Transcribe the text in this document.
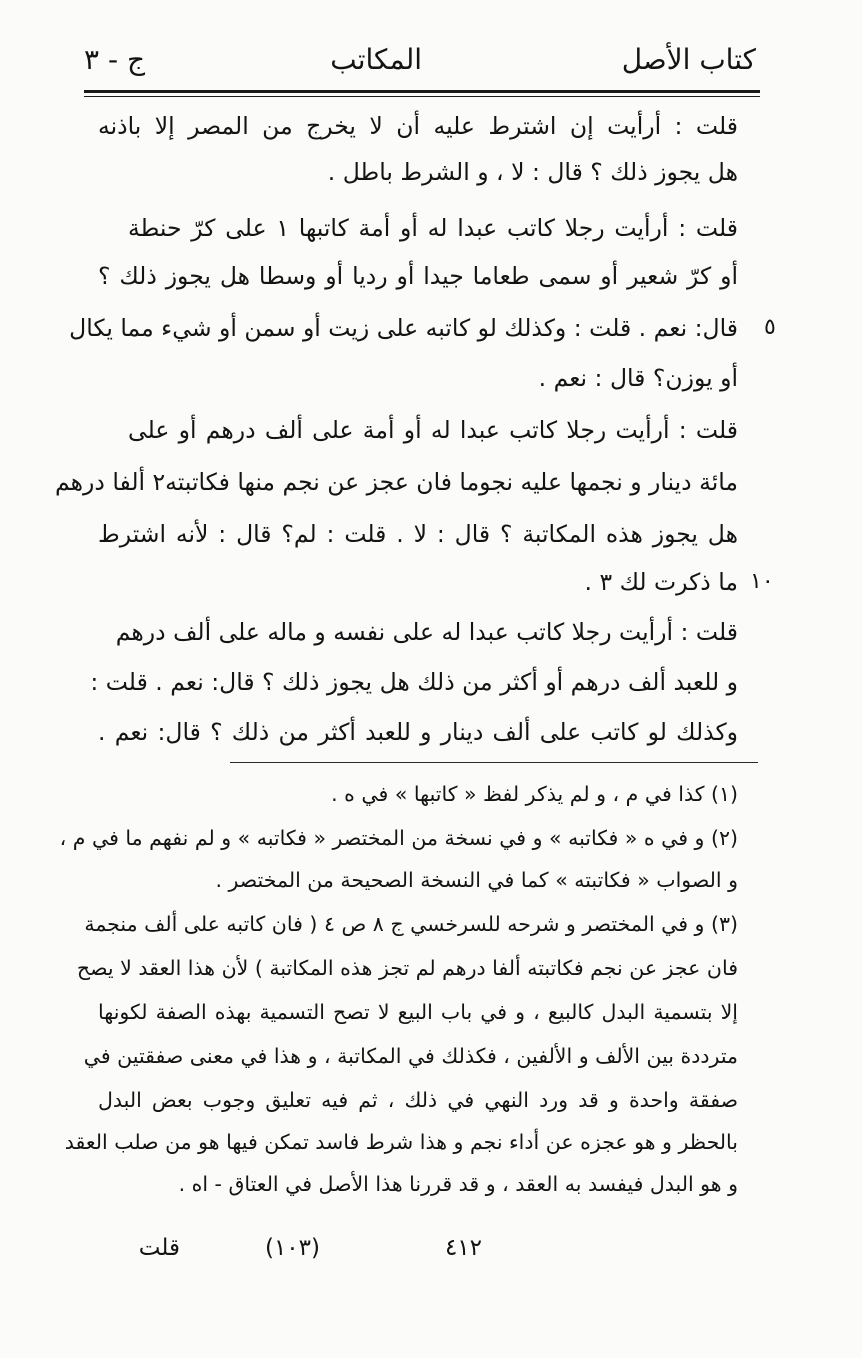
كتاب الأصل
المكاتب
ج - ٣
قلت : أرأيت إن اشترط عليه أن لا يخرج من المصر إلا باذنه
هل يجوز ذلك ؟ قال : لا ، و الشرط باطل .
قلت : أرأيت رجلا كاتب عبدا له أو أمة كاتبها ١ على كرّ حنطة
أو كرّ شعير أو سمى طعاما جيدا أو رديا أو وسطا هل يجوز ذلك ؟
قال: نعم . قلت : وكذلك لو كاتبه على زيت أو سمن أو شيء مما يكال
أو يوزن؟ قال : نعم .
قلت : أرأيت رجلا كاتب عبدا له أو أمة على ألف درهم أو على
مائة دينار و نجمها عليه نجوما فان عجز عن نجم منها فكاتبته٢ ألفا درهم
هل يجوز هذه المكاتبة ؟ قال : لا . قلت : لم؟ قال : لأنه اشترط
ما ذكرت لك ٣ .
قلت : أرأيت رجلا كاتب عبدا له على نفسه و ماله على ألف درهم
و للعبد ألف درهم أو أكثر من ذلك هل يجوز ذلك ؟ قال: نعم . قلت :
وكذلك لو كاتب على ألف دينار و للعبد أكثر من ذلك ؟ قال: نعم .
٥
١٠
(١) كذا في م ، و لم يذكر لفظ « كاتبها » في ه .
(٢) و في ه « فكاتبه » و في نسخة من المختصر « فكاتبه » و لم نفهم ما في م ،
و الصواب « فكاتبته » كما في النسخة الصحيحة من المختصر .
(٣) و في المختصر و شرحه للسرخسي ج ٨ ص ٤ ( فان كاتبه على ألف منجمة
فان عجز عن نجم فكاتبته ألفا درهم لم تجز هذه المكاتبة ) لأن هذا العقد لا يصح
إلا بتسمية البدل كالبيع ، و في باب البيع لا تصح التسمية بهذه الصفة لكونها
مترددة بين الألف و الألفين ، فكذلك في المكاتبة ، و هذا في معنى صفقتين في
صفقة واحدة و قد ورد النهي في ذلك ، ثم فيه تعليق وجوب بعض البدل
بالحظر و هو عجزه عن أداء نجم و هذا شرط فاسد تمكن فيها هو من صلب العقد
و هو البدل فيفسد به العقد ، و قد قررنا هذا الأصل في العتاق - اه .
٤١٢
(١٠٣)
قلت
